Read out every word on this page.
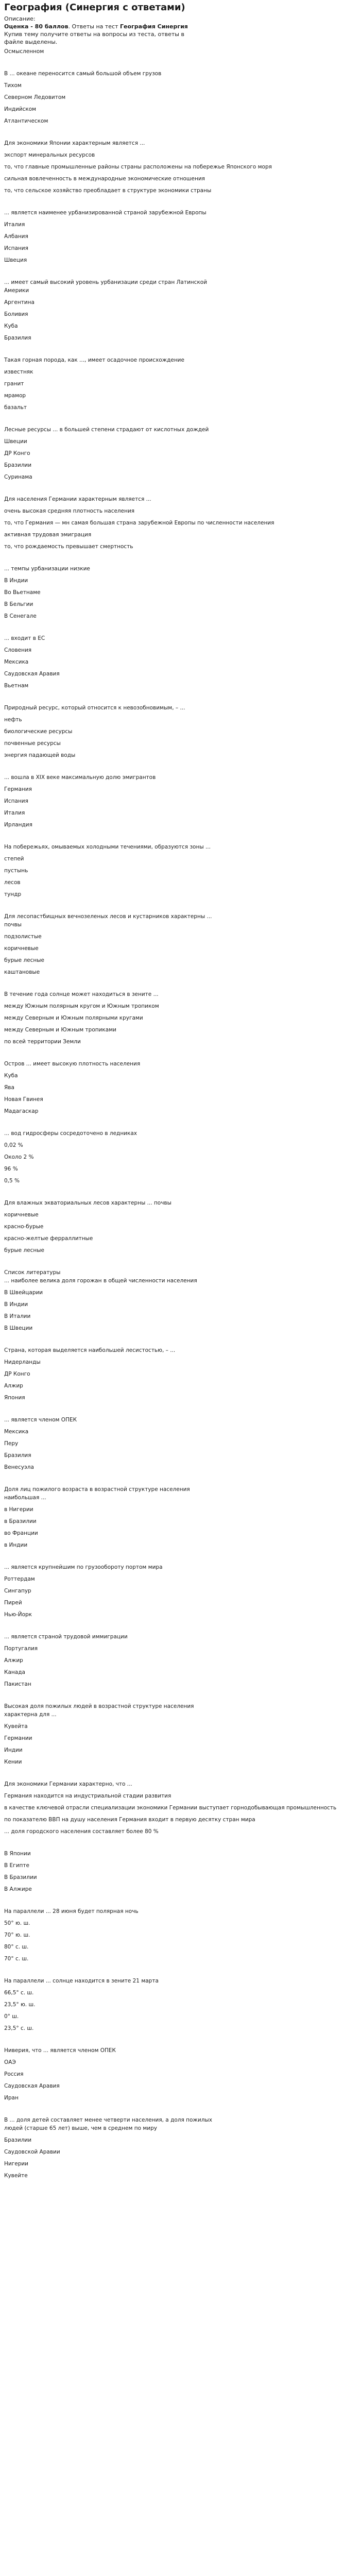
География (Синергия с ответами)

Описание:

Оценка - 80 баллов. Ответы на тест География Синергия

Купив тему получите ответы на вопросы из теста, ответы в файле выделены.

Осмысленном

В ... океане переносится самый большой объем грузов

Тихом

Северном Ледовитом

Индийском

Атлантическом

Для экономики Японии характерным является ...

экспорт минеральных ресурсов

то, что главные промышленные районы страны расположены на побережье Японского моря

сильная вовлеченность в международные экономические отношения

то, что сельское хозяйство преобладает в структуре экономики страны

... является наименее урбанизированной страной зарубежной Европы

Италия

Албания

Испания

Швеция

... имеет самый высокий уровень урбанизации среди стран Латинской Америки

Аргентина

Боливия

Куба

Бразилия

Такая горная порода, как ..., имеет осадочное происхождение

известняк

гранит

мрамор

базальт

Лесные ресурсы ... в большей степени страдают от кислотных дождей

Швеции

ДР Конго

Бразилии

Суринама

Для населения Германии характерным является ...

очень высокая средняя плотность населения

то, что Германия — мн самая большая страна зарубежной Европы по численности населения

активная трудовая эмиграция

то, что рождаемость превышает смертность

... темпы урбанизации низкие

В Индии

Во Вьетнаме

В Бельгии

В Сенегале

... входит в ЕС

Словения

Мексика

Саудовская Аравия

Вьетнам

Природный ресурс, который относится к невозобновимым, – ...

нефть

биологические ресурсы

почвенные ресурсы

энергия падающей воды

... вошла в XIX веке максимальную долю эмигрантов

Германия

Испания

Италия

Ирландия

На побережьях, омываемых холодными течениями, образуются зоны ...

степей

пустынь

лесов

тундр

Для лесопастбищных вечнозеленых лесов и кустарников характерны ... почвы

подзолистые

коричневые

бурые лесные

каштановые

В течение года солнце может находиться в зените ...

между Южным полярным кругом и Южным тропиком

между Северным и Южным полярными кругами

между Северным и Южным тропиками

по всей территории Земли

Остров ... имеет высокую плотность населения

Куба

Ява

Новая Гвинея

Мадагаскар

... вод гидросферы сосредоточено в ледниках

0,02 %

Около 2 %

96 %

0,5 %

Для влажных экваториальных лесов характерны ... почвы

коричневые

красно-бурые

красно-желтые ферраллитные

бурые лесные

Список литературы
... наиболее велика доля горожан в общей численности населения

В Швейцарии

В Индии

В Италии

В Швеции

Страна, которая выделяется наибольшей лесистостью, – ...

Нидерланды

ДР Конго

Алжир

Япония

... является членом ОПЕК

Мексика

Перу

Бразилия

Венесуэла

Доля лиц пожилого возраста в возрастной структуре населения наибольшая ...

в Нигерии

в Бразилии

во Франции

в Индии

... является крупнейшим по грузообороту портом мира

Роттердам

Сингапур

Пирей

Нью-Йорк

... является страной трудовой иммиграции

Португалия

Алжир

Канада

Пакистан

Высокая доля пожилых людей в возрастной структуре населения характерна для ...

Кувейта

Германии

Индии

Кении

Для экономики Германии характерно, что ...

Германия находится на индустриальной стадии развития

в качестве ключевой отрасли специализации экономики Германии выступает горнодобывающая промышленность

по показателю ВВП на душу населения Германия входит в первую десятку стран мира

... доля городского населения составляет более 80 %

В Японии

В Египте

В Бразилии

В Алжире

На параллели ... 28 июня будет полярная ночь

50° ю. ш.

70° ю. ш.

80° с. ш.

70° с. ш.

На параллели ... солнце находится в зените 21 марта

66,5° с. ш.

23,5° ю. ш.

0° ш.

23,5° с. ш.

Ниверия, что ... является членом ОПЕК

ОАЭ

Россия

Саудовская Аравия

Иран

В ... доля детей составляет менее четверти населения, а доля пожилых людей (старше 65 лет) выше, чем в среднем по миру

Бразилии

Саудовской Аравии

Нигерии

Кувейте
